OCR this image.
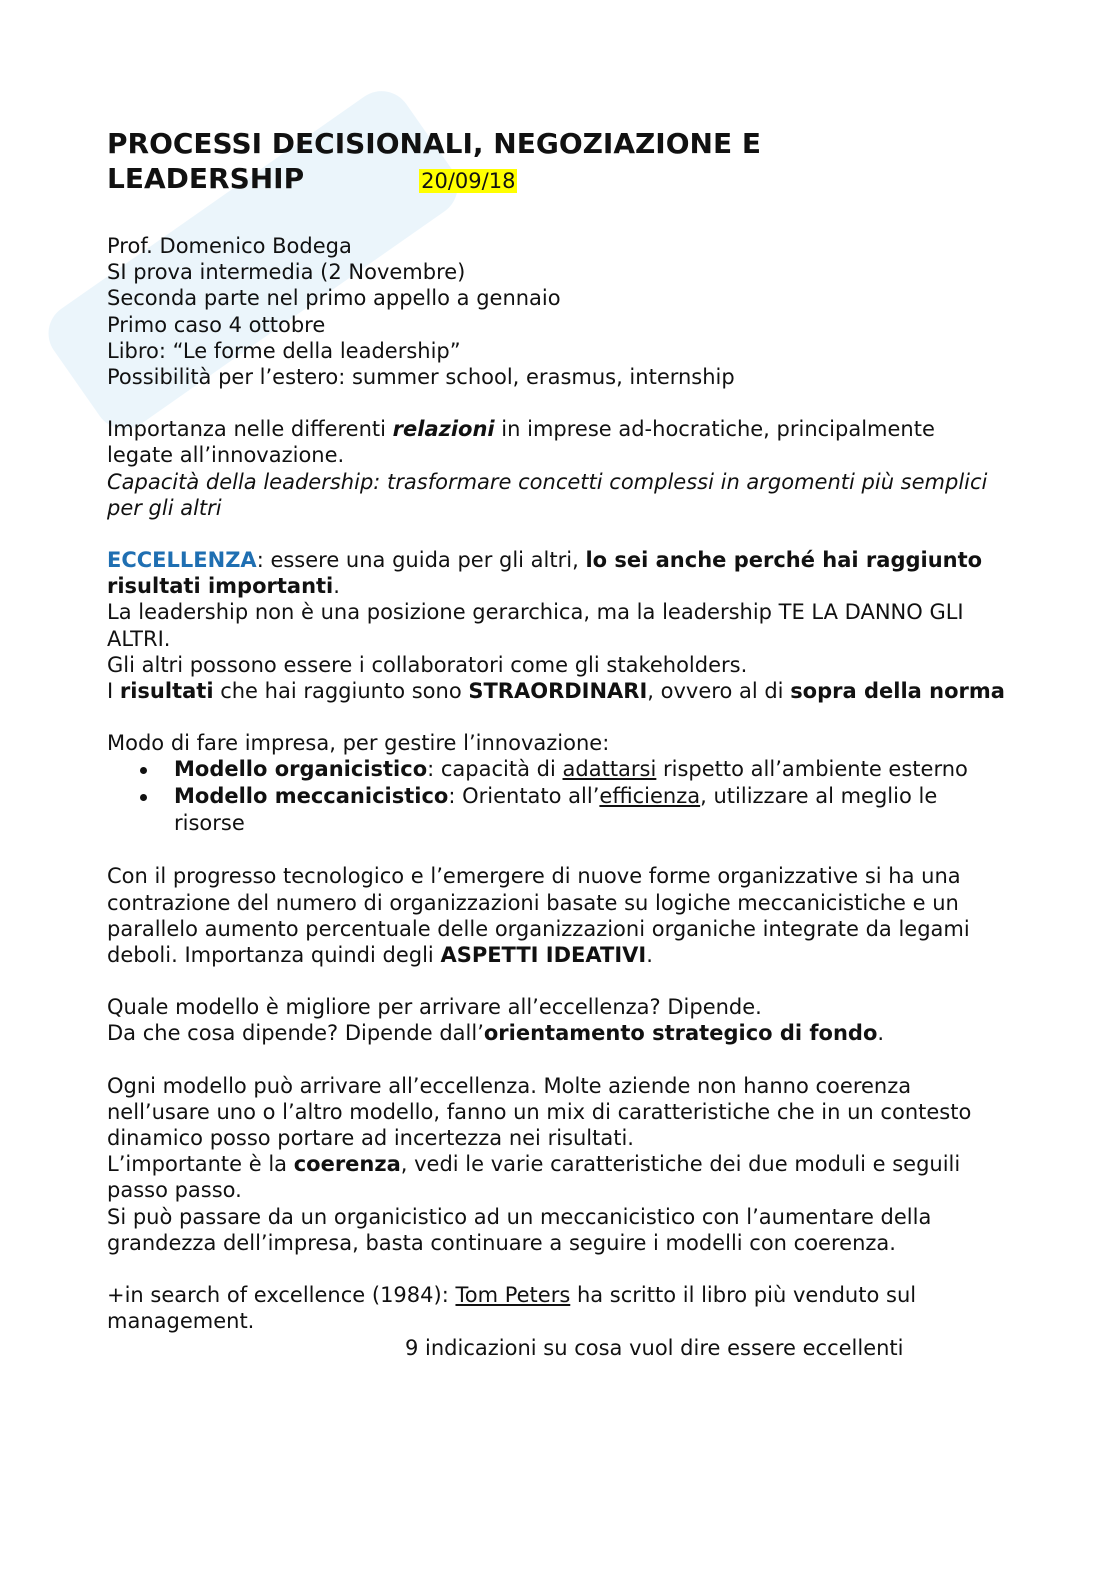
PROCESSI DECISIONALI, NEGOZIAZIONE E LEADERSHIP	20/09/18

Prof. Domenico Bodega

SI prova intermedia (2 Novembre)

Seconda parte nel primo appello a gennaio

Primo caso 4 ottobre

Libro: “Le forme della leadership”

Possibilità per l’estero: summer school, erasmus, internship

Importanza nelle differenti relazioni in imprese ad-hocratiche, principalmente legate all’innovazione.

Capacità della leadership: trasformare concetti complessi in argomenti più semplici per gli altri

ECCELLENZA: essere una guida per gli altri, lo sei anche perché hai raggiunto risultati importanti.

La leadership non è una posizione gerarchica, ma la leadership TE LA DANNO GLI ALTRI.

Gli altri possono essere i collaboratori come gli stakeholders.

I risultati che hai raggiunto sono STRAORDINARI, ovvero al di sopra della norma

Modo di fare impresa, per gestire l’innovazione:

Modello organicistico: capacità di adattarsi rispetto all’ambiente esterno
Modello meccanicistico: Orientato all’efficienza, utilizzare al meglio le risorse

Con il progresso tecnologico e l’emergere di nuove forme organizzative si ha una contrazione del numero di organizzazioni basate su logiche meccanicistiche e un parallelo aumento percentuale delle organizzazioni organiche integrate da legami deboli. Importanza quindi degli ASPETTI IDEATIVI.

Quale modello è migliore per arrivare all’eccellenza? Dipende.

Da che cosa dipende? Dipende dall’orientamento strategico di fondo.

Ogni modello può arrivare all’eccellenza. Molte aziende non hanno coerenza nell’usare uno o l’altro modello, fanno un mix di caratteristiche che in un contesto dinamico posso portare ad incertezza nei risultati.

L’importante è la coerenza, vedi le varie caratteristiche dei due moduli e seguili passo passo.

Si può passare da un organicistico ad un meccanicistico con l’aumentare della grandezza dell’impresa, basta continuare a seguire i modelli con coerenza.

+in search of excellence (1984): Tom Peters ha scritto il libro più venduto sul management.

9 indicazioni su cosa vuol dire essere eccellenti
